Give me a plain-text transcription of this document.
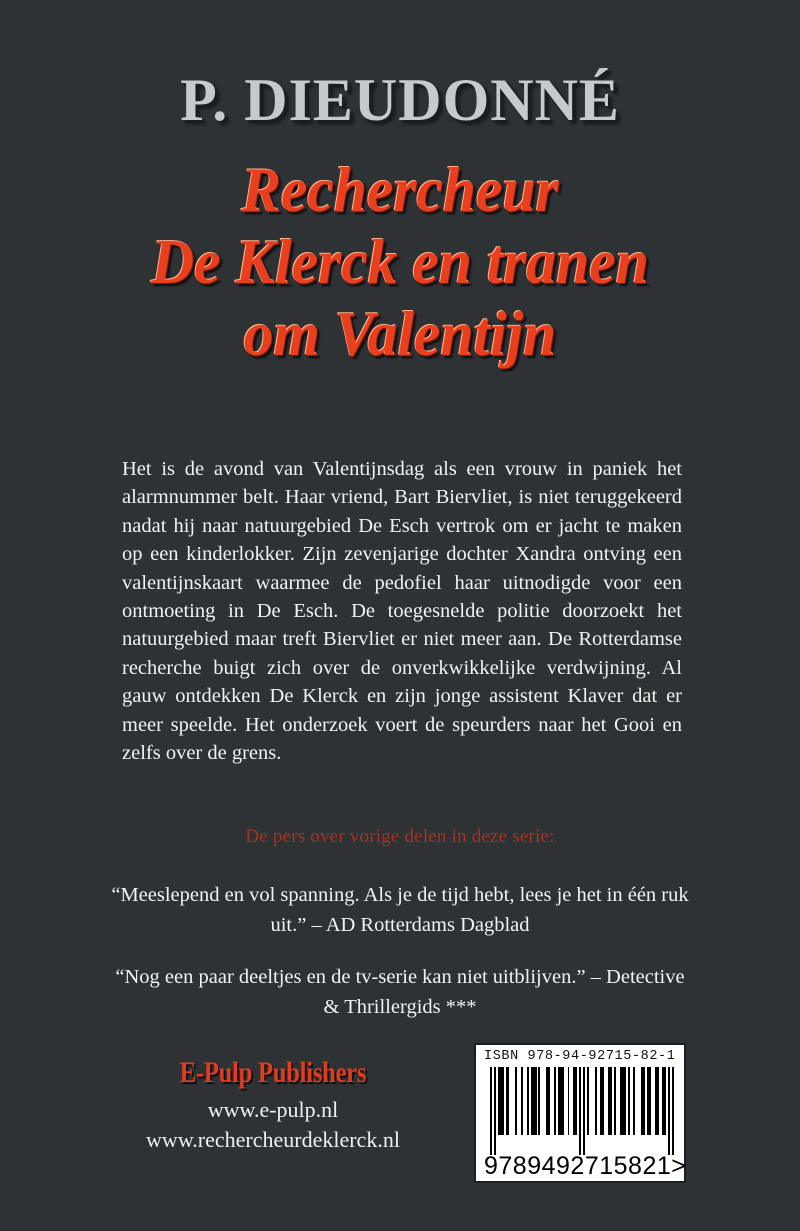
P. DIEUDONNÉ
Rechercheur
De Klerck en tranen
om Valentijn
Het is de avond van Valentijnsdag als een vrouw in paniek het alarmnummer belt. Haar vriend, Bart Biervliet, is niet teruggekeerd nadat hij naar natuurgebied De Esch vertrok om er jacht te maken op een kinderlokker. Zijn zevenjarige dochter Xandra ontving een valentijnskaart waarmee de pedofiel haar uitnodigde voor een ontmoeting in De Esch. De toegesnelde politie doorzoekt het natuurgebied maar treft Biervliet er niet meer aan. De Rotterdamse recherche buigt zich over de onverkwikkelijke verdwijning. Al gauw ontdekken De Klerck en zijn jonge assistent Klaver dat er meer speelde. Het onderzoek voert de speurders naar het Gooi en zelfs over de grens.
De pers over vorige delen in deze serie:
“Meeslepend en vol spanning. Als je de tijd hebt, lees je het in één ruk uit.” – AD Rotterdams Dagblad
“Nog een paar deeltjes en de tv-serie kan niet uitblijven.” – Detective & Thrillergids ***
E-Pulp Publishers
www.e-pulp.nl
www.rechercheurdeklerck.nl
ISBN 978-94-92715-82-1
9 789492 715821 >
